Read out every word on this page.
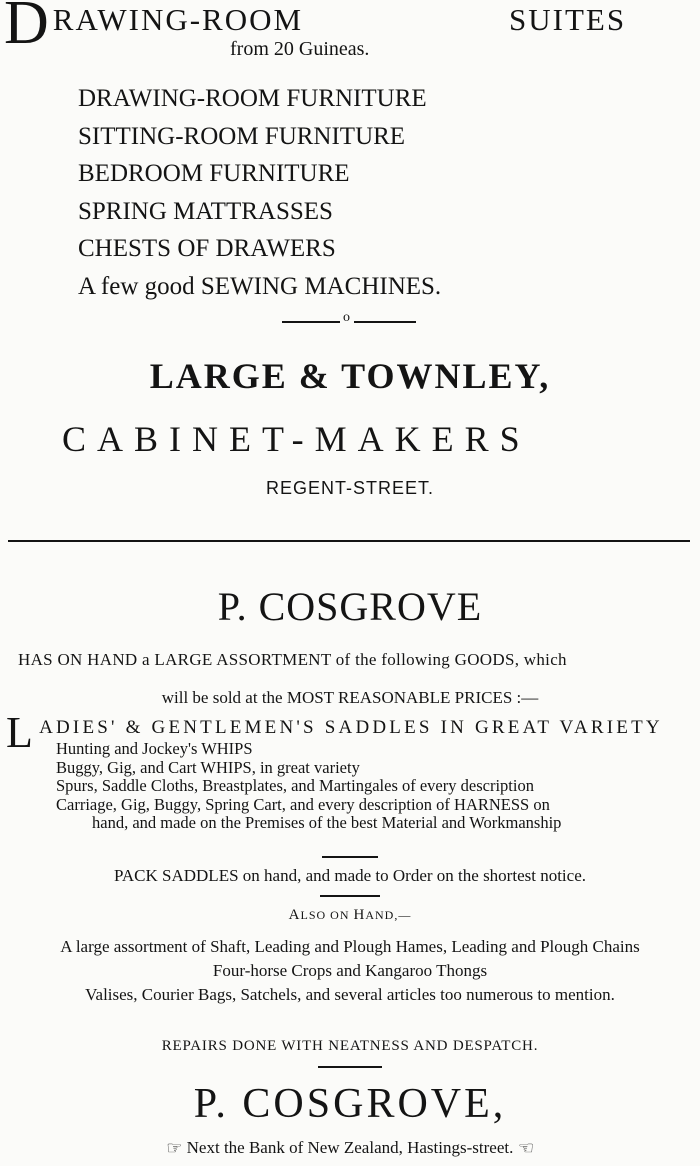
DRAWING-ROOM	SUITES
from 20 Guineas.
DRAWING-ROOM FURNITURE
SITTING-ROOM FURNITURE
BEDROOM FURNITURE
SPRING MATTRASSES
CHESTS OF DRAWERS
A few good SEWING MACHINES.
o
LARGE & TOWNLEY,
CABINET-MAKERS
REGENT-STREET.
P. COSGROVE
HAS ON HAND a LARGE ASSORTMENT of the following GOODS, which
will be sold at the MOST REASONABLE PRICES :—
L ADIES' & GENTLEMEN'S SADDLES IN GREAT VARIETY
Hunting and Jockey's WHIPS
Buggy, Gig, and Cart WHIPS, in great variety
Spurs, Saddle Cloths, Breastplates, and Martingales of every description
Carriage, Gig, Buggy, Spring Cart, and every description of HARNESS on
hand, and made on the Premises of the best Material and Workmanship
PACK SADDLES on hand, and made to Order on the shortest notice.
ALSO ON HAND,—
A large assortment of Shaft, Leading and Plough Hames, Leading and Plough Chains
Four-horse Crops and Kangaroo Thongs
Valises, Courier Bags, Satchels, and several articles too numerous to mention.
REPAIRS DONE WITH NEATNESS AND DESPATCH.
P. COSGROVE,
☞ Next the Bank of New Zealand, Hastings-street. ☞
